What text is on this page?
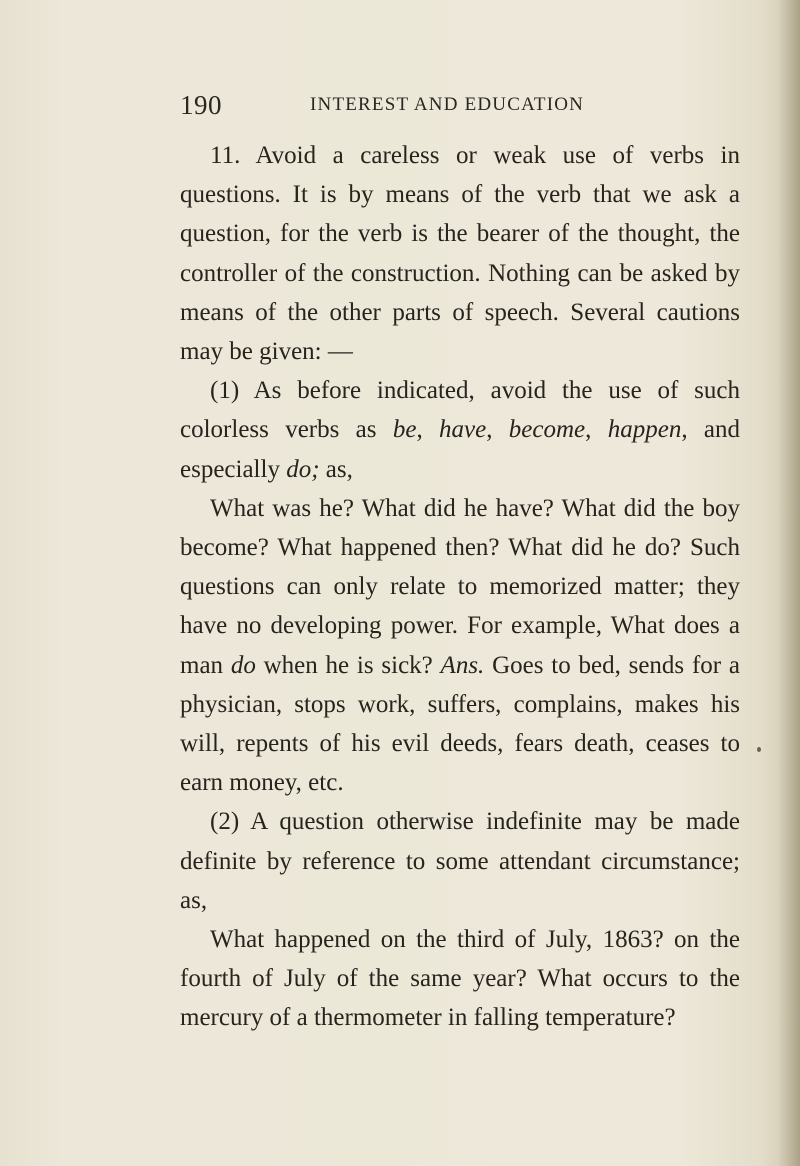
190	INTEREST AND EDUCATION

11. Avoid a careless or weak use of verbs in questions. It is by means of the verb that we ask a question, for the verb is the bearer of the thought, the controller of the construction. Nothing can be asked by means of the other parts of speech. Several cautions may be given: —

(1) As before indicated, avoid the use of such colorless verbs as be, have, become, happen, and especially do; as,

What was he? What did he have? What did the boy become? What happened then? What did he do? Such questions can only relate to memorized matter; they have no developing power. For example, What does a man do when he is sick? Ans. Goes to bed, sends for a physician, stops work, suffers, complains, makes his will, repents of his evil deeds, fears death, ceases to earn money, etc.

(2) A question otherwise indefinite may be made definite by reference to some attendant circumstance; as,

What happened on the third of July, 1863? on the fourth of July of the same year? What occurs to the mercury of a thermometer in falling temperature?
